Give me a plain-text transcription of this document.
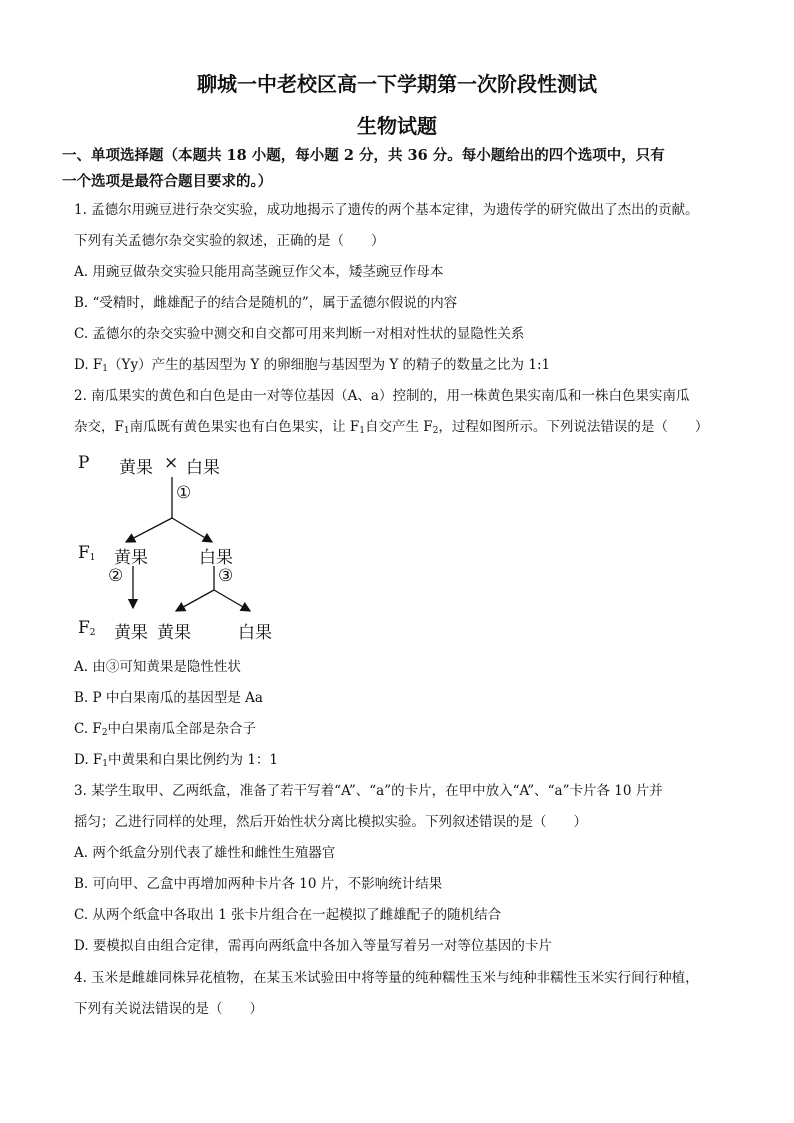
聊城一中老校区高一下学期第一次阶段性测试
生物试题
一、单项选择题（本题共 18 小题，每小题 2 分，共 36 分。每小题给出的四个选项中，只有
一个选项是最符合题目要求的。）
1. 孟德尔用豌豆进行杂交实验，成功地揭示了遗传的两个基本定律，为遗传学的研究做出了杰出的贡献。
下列有关孟德尔杂交实验的叙述，正确的是（　　）
A. 用豌豆做杂交实验只能用高茎豌豆作父本，矮茎豌豆作母本
B. “受精时，雌雄配子的结合是随机的”，属于孟德尔假说的内容
C. 孟德尔的杂交实验中测交和自交都可用来判断一对相对性状的显隐性关系
D. $F_1(Yy)$产生的基因型为 Y 的卵细胞与基因型为 Y 的精子的数量之比为 1:1
2. 南瓜果实的黄色和白色是由一对等位基因（A、a）控制的，用一株黄色果实南瓜和一株白色果实南瓜
杂交，$F_1$南瓜既有黄色果实也有白色果实，让 $F_1$自交产生 $F_2$，过程如图所示。下列说法错误的是（　　）
P 黄果 × 白果
①
$F_1$ 黄果	白果
②	③
$F_2$ 黄果 黄果	白果
A. 由③可知黄果是隐性性状
B. P 中白果南瓜的基因型是 Aa
C. $F_2$中白果南瓜全部是杂合子
D. $F_1$中黄果和白果比例约为 1：1
3. 某学生取甲、乙两纸盒，准备了若干写着“A”、“a”的卡片，在甲中放入“A”、“a”卡片各 10 片并
摇匀；乙进行同样的处理，然后开始性状分离比模拟实验。下列叙述错误的是（　　）
A. 两个纸盒分别代表了雄性和雌性生殖器官
B. 可向甲、乙盒中再增加两种卡片各 10 片，不影响统计结果
C. 从两个纸盒中各取出 1 张卡片组合在一起模拟了雌雄配子的随机结合
D. 要模拟自由组合定律，需再向两纸盒中各加入等量写着另一对等位基因的卡片
4. 玉米是雌雄同株异花植物，在某玉米试验田中将等量的纯种糯性玉米与纯种非糯性玉米实行间行种植，
下列有关说法错误的是（　　）
